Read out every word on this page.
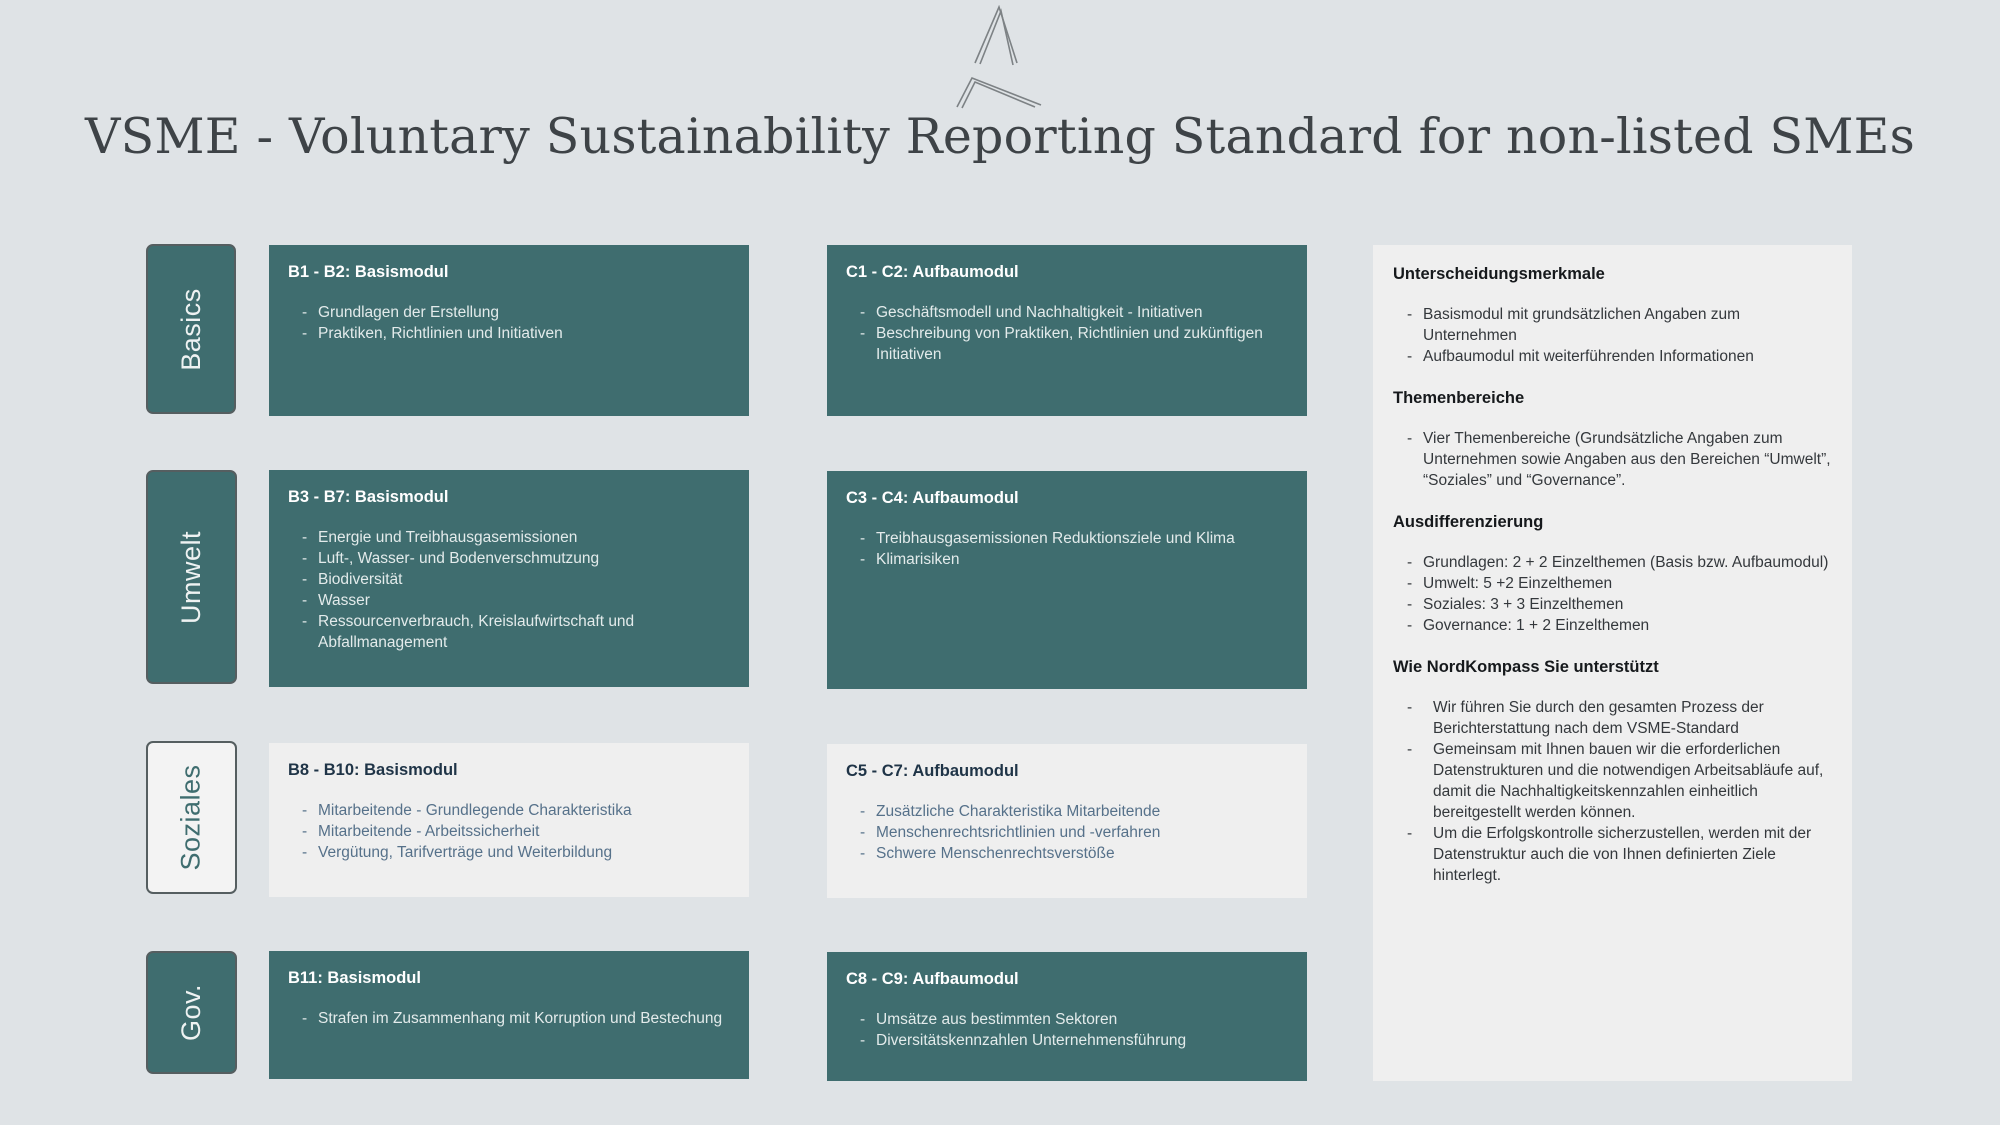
VSME - Voluntary Sustainability Reporting Standard for non-listed SMEs
Basics
B1 - B2: Basismodul
- Grundlagen der Erstellung
- Praktiken, Richtlinien und Initiativen
C1 - C2: Aufbaumodul
- Geschäftsmodell und Nachhaltigkeit - Initiativen
- Beschreibung von Praktiken, Richtlinien und zukünftigen Initiativen
Umwelt
B3 - B7: Basismodul
- Energie und Treibhausgasemissionen
- Luft-, Wasser- und Bodenverschmutzung
- Biodiversität
- Wasser
- Ressourcenverbrauch, Kreislaufwirtschaft und Abfallmanagement
C3 - C4: Aufbaumodul
- Treibhausgasemissionen Reduktionsziele und Klima
- Klimarisiken
Soziales	B8 - B10: Basismodul
- Mitarbeitende - Grundlegende Charakteristika
- Mitarbeitende - Arbeitssicherheit
- Vergütung, Tarifverträge und Weiterbildung
C5 - C7: Aufbaumodul
- Zusätzliche Charakteristika Mitarbeitende
- Menschenrechtsrichtlinien und -verfahren
- Schwere Menschenrechtsverstöße
Gov.
B11: Basismodul
- Strafen im Zusammenhang mit Korruption und Bestechung
C8 - C9: Aufbaumodul
- Umsätze aus bestimmten Sektoren
- Diversitätskennzahlen Unternehmensführung
Unterscheidungsmerkmale
- Basismodul mit grundsätzlichen Angaben zum Unternehmen
- Aufbaumodul mit weiterführenden Informationen
Themenbereiche
- Vier Themenbereiche (Grundsätzliche Angaben zum Unternehmen sowie Angaben aus den Bereichen “Umwelt”, “Soziales” und “Governance”.
Ausdifferenzierung
- Grundlagen: 2 + 2 Einzelthemen (Basis bzw. Aufbaumodul)
- Umwelt: 5 +2 Einzelthemen
- Soziales: 3 + 3 Einzelthemen
- Governance: 1 + 2 Einzelthemen
Wie NordKompass Sie unterstützt
- Wir führen Sie durch den gesamten Prozess der Berichterstattung nach dem VSME-Standard
- Gemeinsam mit Ihnen bauen wir die erforderlichen Datenstrukturen und die notwendigen Arbeitsabläufe auf, damit die Nachhaltigkeitskennzahlen einheitlich bereitgestellt werden können.
- Um die Erfolgskontrolle sicherzustellen, werden mit der Datenstruktur auch die von Ihnen definierten Ziele hinterlegt.
